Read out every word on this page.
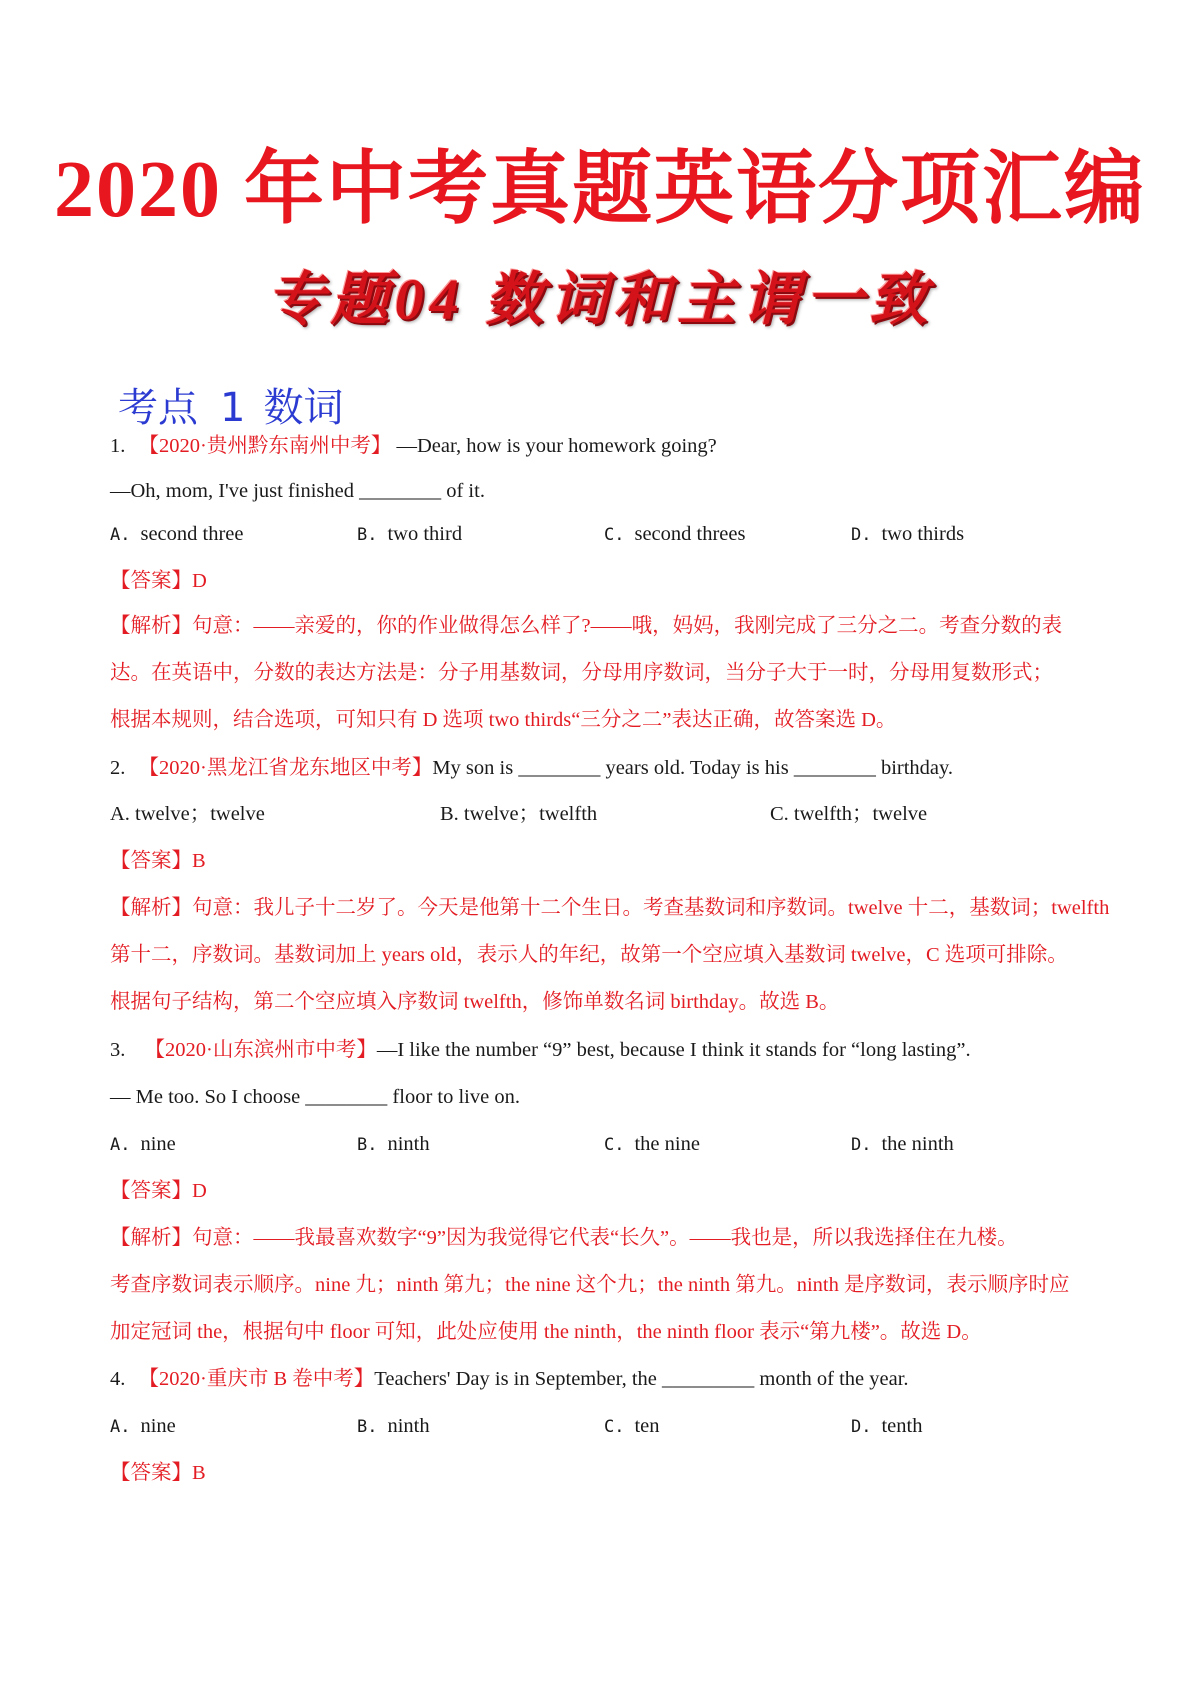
2020 年中考真题英语分项汇编
专题04 数词和主谓一致
考点 1 数词
1. 【2020·贵州黔东南州中考】 —Dear, how is your homework going?
—Oh, mom, I've just finished ________ of it.
A. second three	B. two third	C. second threes	D. two thirds
【答案】D
【解析】句意：——亲爱的，你的作业做得怎么样了?——哦，妈妈，我刚完成了三分之二。考查分数的表
达。在英语中，分数的表达方法是：分子用基数词，分母用序数词，当分子大于一时，分母用复数形式；
根据本规则，结合选项，可知只有 D 选项 two thirds“三分之二”表达正确，故答案选 D。
2. 【2020·黑龙江省龙东地区中考】My son is ________ years old. Today is his ________ birthday.
A. twelve；twelve	B. twelve；twelfth	C. twelfth；twelve
【答案】B
【解析】句意：我儿子十二岁了。今天是他第十二个生日。考查基数词和序数词。twelve 十二，基数词；twelfth
第十二，序数词。基数词加上 years old，表示人的年纪，故第一个空应填入基数词 twelve，C 选项可排除。
根据句子结构，第二个空应填入序数词 twelfth，修饰单数名词 birthday。故选 B。
3. 【2020·山东滨州市中考】—I like the number “9” best, because I think it stands for “long lasting”.
— Me too. So I choose ________ floor to live on.
A. nine	B. ninth	C. the nine	D. the ninth
【答案】D
【解析】句意：——我最喜欢数字“9”因为我觉得它代表“长久”。——我也是，所以我选择住在九楼。
考查序数词表示顺序。nine 九；ninth 第九；the nine 这个九；the ninth 第九。ninth 是序数词，表示顺序时应
加定冠词 the，根据句中 floor 可知，此处应使用 the ninth，the ninth floor 表示“第九楼”。故选 D。
4. 【2020·重庆市 B 卷中考】Teachers' Day is in September, the _________ month of the year.
A. nine	B. ninth	C. ten	D. tenth
【答案】B
